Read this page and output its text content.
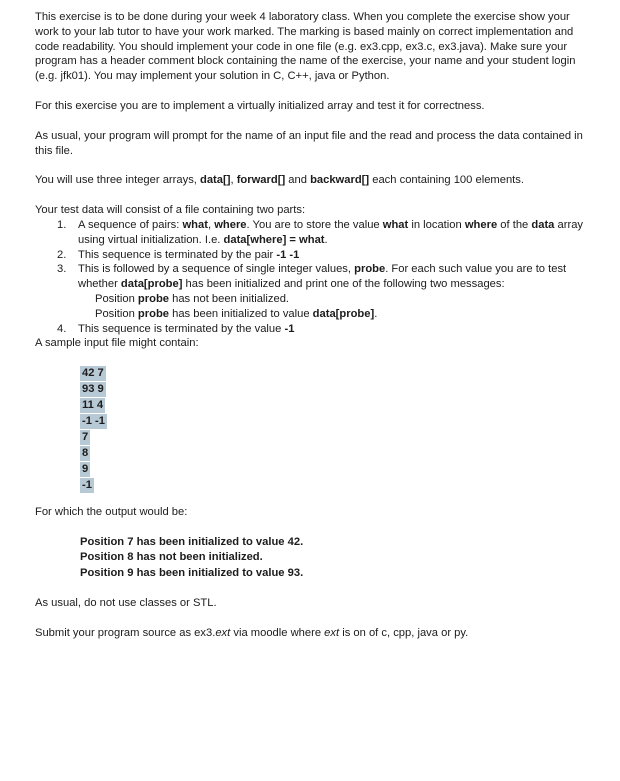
This exercise is to be done during your week 4 laboratory class. When you complete the exercise show your work to your lab tutor to have your work marked. The marking is based mainly on correct implementation and code readability. You should implement your code in one file (e.g. ex3.cpp, ex3.c, ex3.java). Make sure your program has a header comment block containing the name of the exercise, your name and your student login (e.g. jfk01). You may implement your solution in C, C++, java or Python.

For this exercise you are to implement a virtually initialized array and test it for correctness.

As usual, your program will prompt for the name of an input file and the read and process the data contained in this file.

You will use three integer arrays, data[], forward[] and backward[] each containing 100 elements.

Your test data will consist of a file containing two parts:

1.	A sequence of pairs: what, where. You are to store the value what in location where of the data array using virtual initialization. I.e. data[where] = what.
2.	This sequence is terminated by the pair -1 -1
3.	This is followed by a sequence of single integer values, probe. For each such value you are to test whether data[probe] has been initialized and print one of the following two messages:
Position probe has not been initialized.
Position probe has been initialized to value data[probe].
4.	This sequence is terminated by the value -1
A sample input file might contain:
42 7
93 9
11 4
-1 -1
7
8
9
-1

For which the output would be:

Position 7 has been initialized to value 42.
Position 8 has not been initialized.
Position 9 has been initialized to value 93.

As usual, do not use classes or STL.

Submit your program source as ex3.ext via moodle where ext is on of c, cpp, java or py.
